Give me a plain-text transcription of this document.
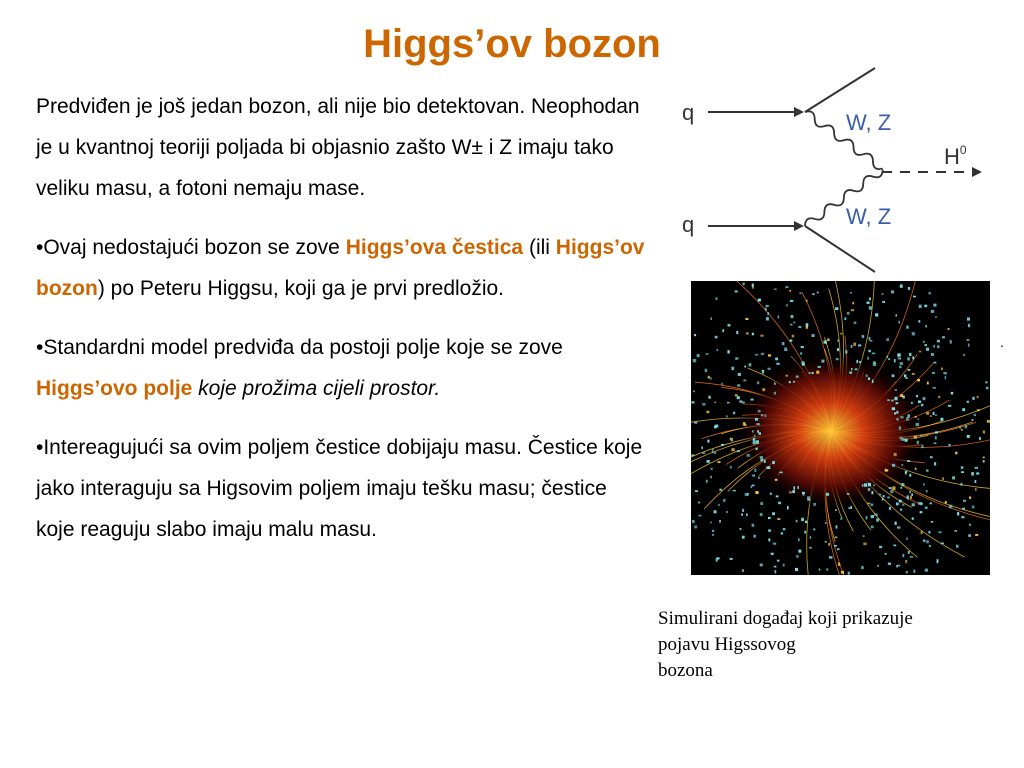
Higgs’ov bozon

Predviđen je još jedan bozon, ali nije bio detektovan. Neophodan je u kvantnoj teoriji poljada bi objasnio zašto W± i Z imaju tako veliku masu, a fotoni nemaju mase.

•Ovaj nedostajući bozon se zove Higgs’ova čestica (ili Higgs’ov bozon) po Peteru Higgsu, koji ga je prvi predložio.

•Standardni model predviđa da postoji polje koje se zove Higgs’ovo polje koje prožima cijeli prostor.

•Intereagujući sa ovim poljem čestice dobijaju masu. Čestice koje jako interaguju sa Higsovim poljem imaju tešku masu; čestice koje reaguju slabo imaju malu masu.

q	W, Z
q	W, Z
$H^0$
.
Simulirani događaj koji prikazuje
pojavu Higssovog
bozona
